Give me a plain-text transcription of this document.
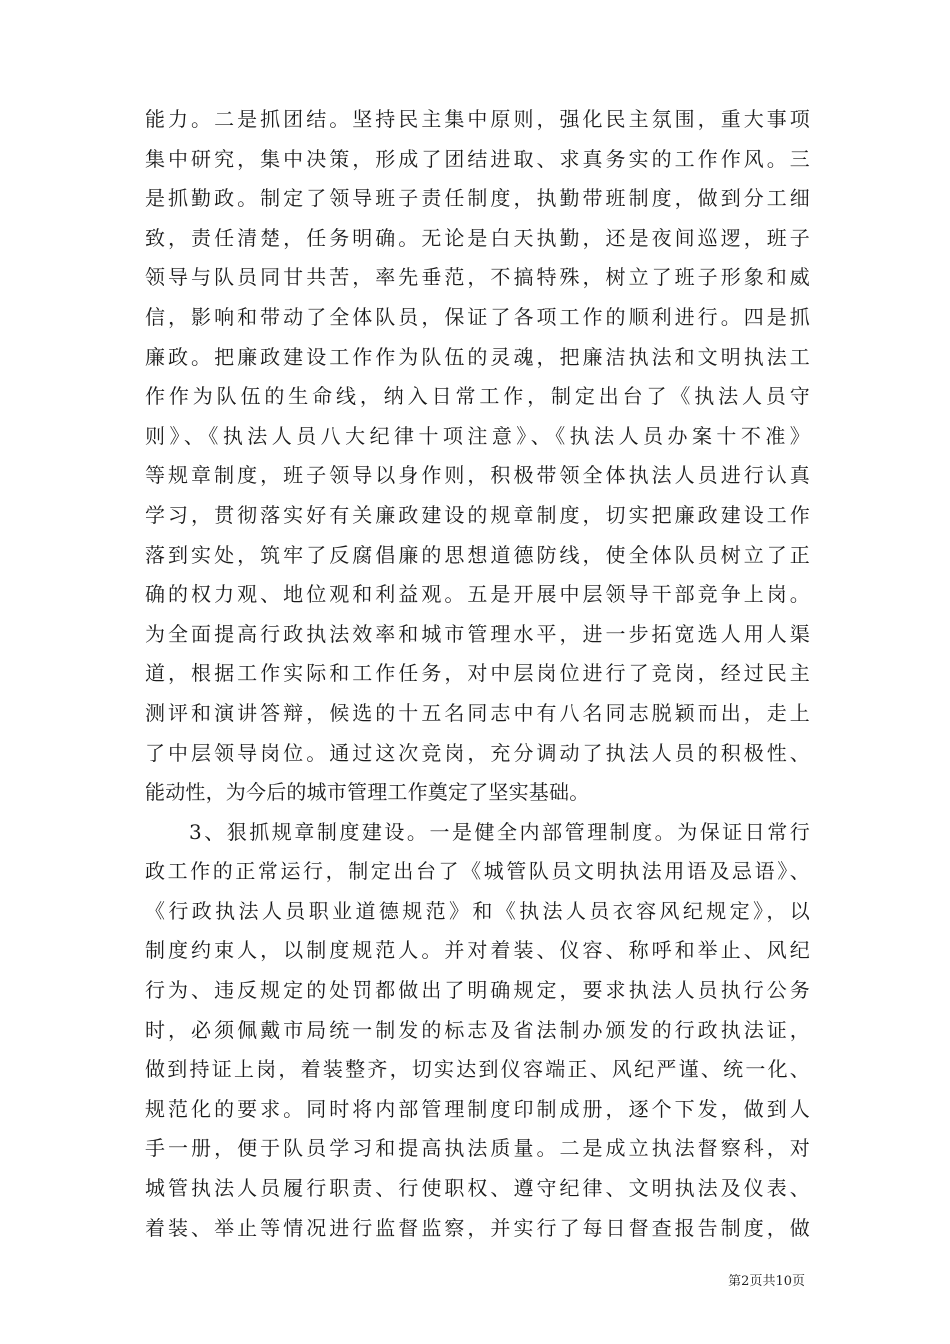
能力。二是抓团结。坚持民主集中原则，强化民主氛围，重大事项
集中研究，集中决策，形成了团结进取、求真务实的工作作风。三
是抓勤政。制定了领导班子责任制度，执勤带班制度，做到分工细
致，责任清楚，任务明确。无论是白天执勤，还是夜间巡逻，班子
领导与队员同甘共苦，率先垂范，不搞特殊，树立了班子形象和威
信，影响和带动了全体队员，保证了各项工作的顺利进行。四是抓
廉政。把廉政建设工作作为队伍的灵魂，把廉洁执法和文明执法工
作作为队伍的生命线，纳入日常工作，制定出台了《执法人员守
则》、《执法人员八大纪律十项注意》、《执法人员办案十不准》
等规章制度，班子领导以身作则，积极带领全体执法人员进行认真
学习，贯彻落实好有关廉政建设的规章制度，切实把廉政建设工作
落到实处，筑牢了反腐倡廉的思想道德防线，使全体队员树立了正
确的权力观、地位观和利益观。五是开展中层领导干部竞争上岗。
为全面提高行政执法效率和城市管理水平，进一步拓宽选人用人渠
道，根据工作实际和工作任务，对中层岗位进行了竞岗，经过民主
测评和演讲答辩，候选的十五名同志中有八名同志脱颖而出，走上
了中层领导岗位。通过这次竞岗，充分调动了执法人员的积极性、
能动性，为今后的城市管理工作奠定了坚实基础。
3、狠抓规章制度建设。一是健全内部管理制度。为保证日常行
政工作的正常运行，制定出台了《城管队员文明执法用语及忌语》、
《行政执法人员职业道德规范》和《执法人员衣容风纪规定》，以
制度约束人，以制度规范人。并对着装、仪容、称呼和举止、风纪
行为、违反规定的处罚都做出了明确规定，要求执法人员执行公务
时，必须佩戴市局统一制发的标志及省法制办颁发的行政执法证，
做到持证上岗，着装整齐，切实达到仪容端正、风纪严谨、统一化、
规范化的要求。同时将内部管理制度印制成册，逐个下发，做到人
手一册，便于队员学习和提高执法质量。二是成立执法督察科，对
城管执法人员履行职责、行使职权、遵守纪律、文明执法及仪表、
着装、举止等情况进行监督监察，并实行了每日督查报告制度，做
第2页共10页
